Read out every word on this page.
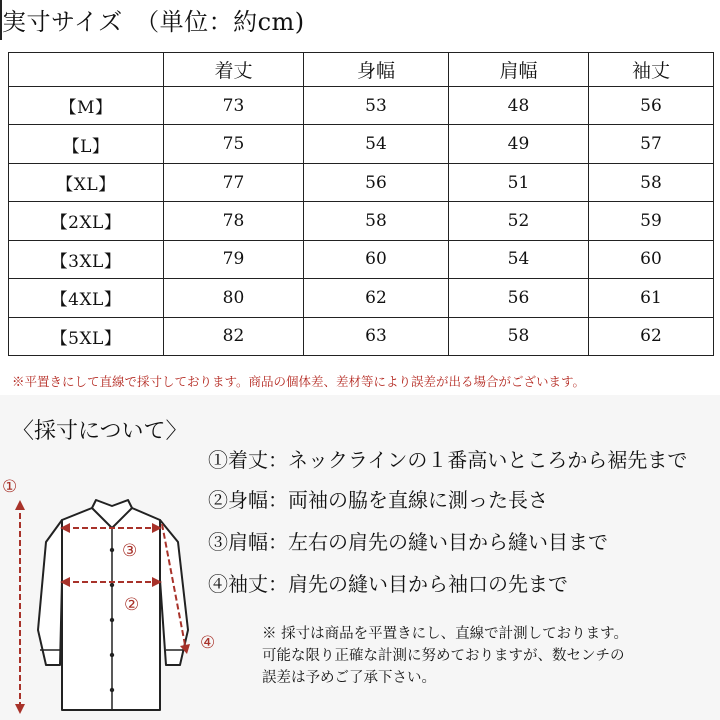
実寸サイズ　（単位：約cm)
	着丈	身幅	肩幅	袖丈
【M】	73	53	48	56
【L】	75	54	49	57
【XL】	77	56	51	58
【2XL】	78	58	52	59
【3XL】	79	60	54	60
【4XL】	80	62	56	61
【5XL】	82	63	58	62
※平置きにして直線で採寸しております。商品の個体差、差材等により誤差が出る場合がございます。
〈採寸について〉
①
②
③
④
①着丈：ネックラインの１番高いところから裾先まで
②身幅：両袖の脇を直線に測った長さ
③肩幅：左右の肩先の縫い目から縫い目まで
④袖丈：肩先の縫い目から袖口の先まで
※ 採寸は商品を平置きにし、直線で計測しております。
可能な限り正確な計測に努めておりますが、数センチの
誤差は予めご了承下さい。
